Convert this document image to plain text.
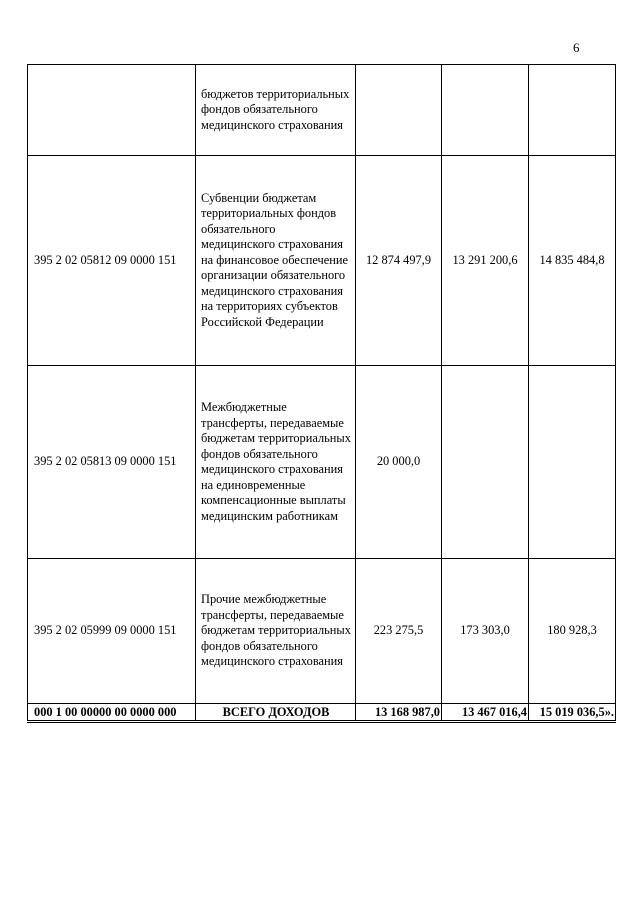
6
	бюджетов территориальных фондов обязательного медицинского страхования			
395 2 02 05812 09 0000 151	Субвенции бюджетам территориальных фондов обязательного медицинского страхования на финансовое обеспечение организации обязательного медицинского страхования на территориях субъектов Российской Федерации	12 874 497,9	13 291 200,6	14 835 484,8
395 2 02 05813 09 0000 151	Межбюджетные трансферты, передаваемые бюджетам территориальных фондов обязательного медицинского страхования на единовременные компенсационные выплаты медицинским работникам	20 000,0		
395 2 02 05999 09 0000 151	Прочие межбюджетные трансферты, передаваемые бюджетам территориальных фондов обязательного медицинского страхования	223 275,5	173 303,0	180 928,3
000 1 00 00000 00 0000 000	ВСЕГО ДОХОДОВ	13 168 987,0	13 467 016,4	15 019 036,5».
